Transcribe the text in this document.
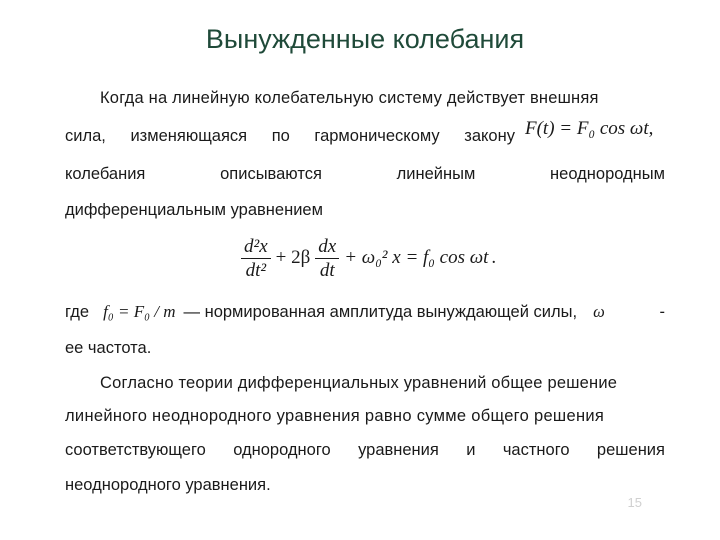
Вынужденные колебания
Когда на линейную колебательную систему действует внешняя
сила, изменяющаяся по гармоническому закону F(t) = F₀ cos ωt,
колебания	описываются	линейным	неоднородным
дифференциальным уравнением
$\frac{\text{d²x}}{\text{dt²}} + 2\beta \frac{dx}{dt} + \omega_0^2$ x = f₀ cos ωt .
где f₀ = F₀ / m — нормированная амплитуда вынуждающей силы, ω	-
ее частота.
Согласно теории дифференциальных уравнений общее решение
линейного неоднородного уравнения равно сумме общего решения
соответствующего однородного уравнения и частного решения
неоднородного уравнения.
15
